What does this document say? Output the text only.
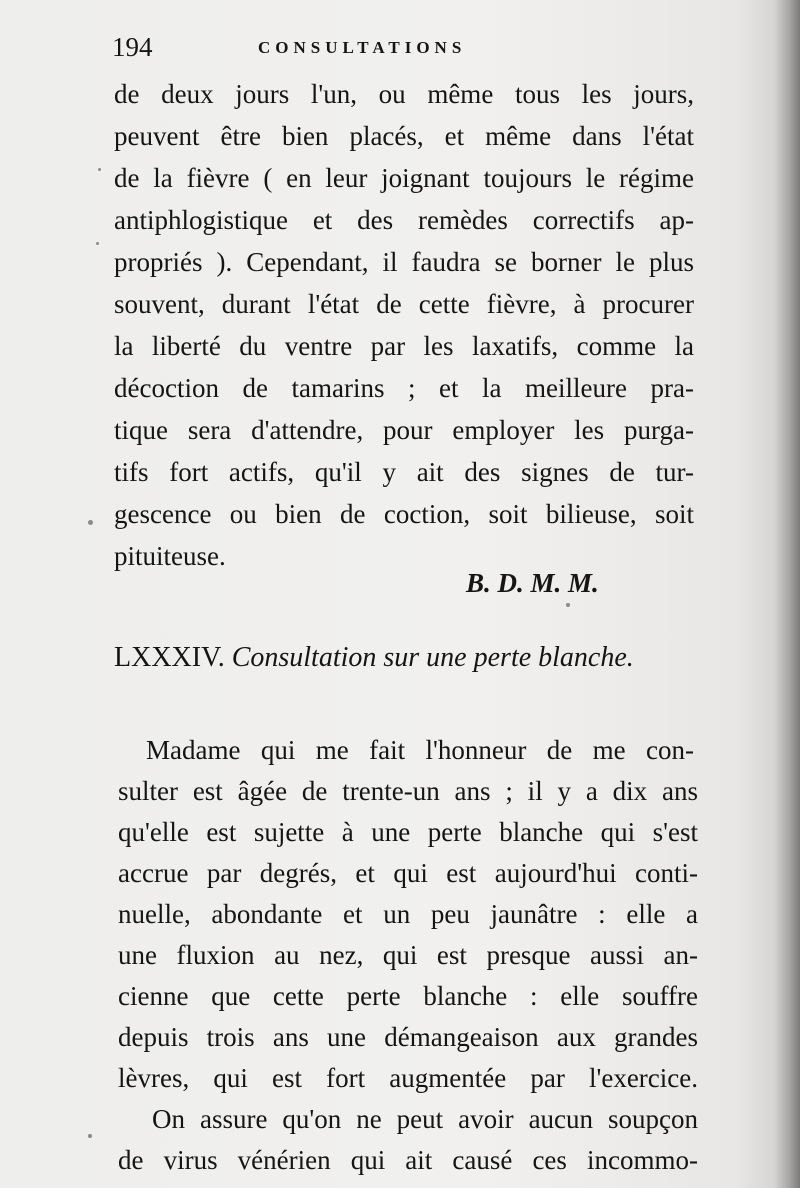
194	CONSULTATIONS
de deux jours l'un, ou même tous les jours,
peuvent être bien placés, et même dans l'état
de la fièvre ( en leur joignant toujours le régime
antiphlogistique et des remèdes correctifs ap-
propriés ). Cependant, il faudra se borner le plus
souvent, durant l'état de cette fièvre, à procurer
la liberté du ventre par les laxatifs, comme la
décoction de tamarins ; et la meilleure pra-
tique sera d'attendre, pour employer les purga-
tifs fort actifs, qu'il y ait des signes de tur-
gescence ou bien de coction, soit bilieuse, soit
pituiteuse.
B. D. M. M.
LXXXIV. Consultation sur une perte blanche.
Madame qui me fait l'honneur de me con-
sulter est âgée de trente-un ans ; il y a dix ans
qu'elle est sujette à une perte blanche qui s'est
accrue par degrés, et qui est aujourd'hui conti-
nuelle, abondante et un peu jaunâtre : elle a
une fluxion au nez, qui est presque aussi an-
cienne que cette perte blanche : elle souffre
depuis trois ans une démangeaison aux grandes
lèvres, qui est fort augmentée par l'exercice.
On assure qu'on ne peut avoir aucun soupçon
de virus vénérien qui ait causé ces incommo-
